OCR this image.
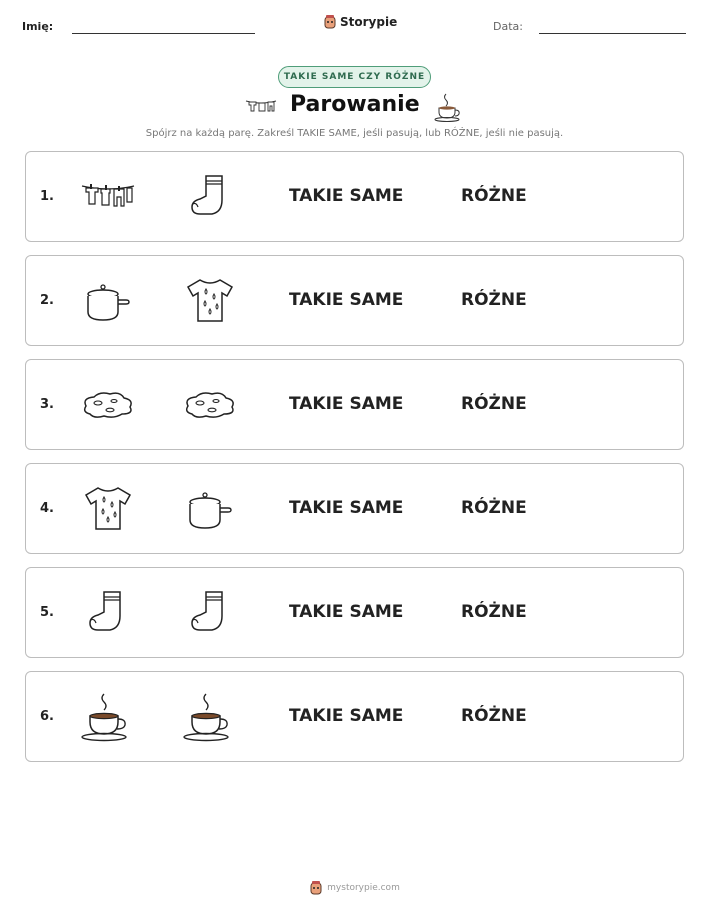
Imię:	Storypie	Data:
TAKIE SAME CZY RÓŻNE
Parowanie
Spójrz na każdą parę. Zakreśl TAKIE SAME, jeśli pasują, lub RÓŻNE, jeśli nie pasują.
1.	TAKIE SAME	RÓŻNE
2.	TAKIE SAME	RÓŻNE
3.	TAKIE SAME	RÓŻNE
4.	TAKIE SAME	RÓŻNE
5.	TAKIE SAME	RÓŻNE
6.	TAKIE SAME	RÓŻNE
mystorypie.com
